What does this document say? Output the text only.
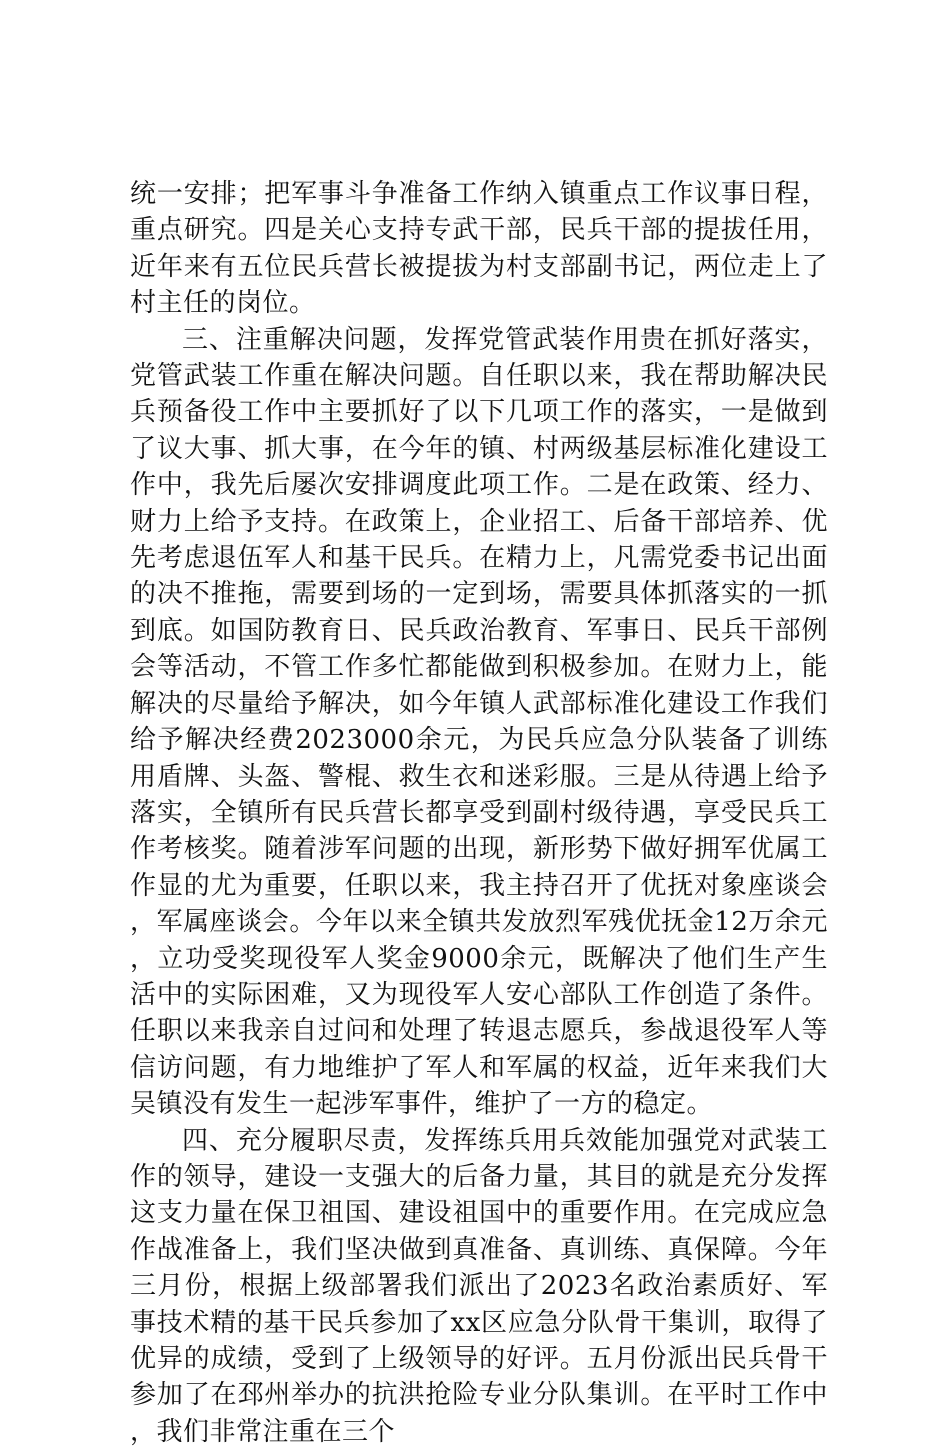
统一安排；把军事斗争准备工作纳入镇重点工作议事日程，重点研究。四是关心支持专武干部，民兵干部的提拔任用，近年来有五位民兵营长被提拔为村支部副书记，两位走上了村主任的岗位。

三、注重解决问题，发挥党管武装作用贵在抓好落实，党管武装工作重在解决问题。自任职以来，我在帮助解决民兵预备役工作中主要抓好了以下几项工作的落实，一是做到了议大事、抓大事，在今年的镇、村两级基层标准化建设工作中，我先后屡次安排调度此项工作。二是在政策、经力、财力上给予支持。在政策上，企业招工、后备干部培养、优先考虑退伍军人和基干民兵。在精力上，凡需党委书记出面的决不推拖，需要到场的一定到场，需要具体抓落实的一抓到底。如国防教育日、民兵政治教育、军事日、民兵干部例会等活动，不管工作多忙都能做到积极参加。在财力上，能解决的尽量给予解决，如今年镇人武部标准化建设工作我们给予解决经费2023000余元，为民兵应急分队装备了训练用盾牌、头盔、警棍、救生衣和迷彩服。三是从待遇上给予落实，全镇所有民兵营长都享受到副村级待遇，享受民兵工作考核奖。随着涉军问题的出现，新形势下做好拥军优属工作显的尤为重要，任职以来，我主持召开了优抚对象座谈会，军属座谈会。今年以来全镇共发放烈军残优抚金12万余元，立功受奖现役军人奖金9000余元，既解决了他们生产生活中的实际困难，又为现役军人安心部队工作创造了条件。任职以来我亲自过问和处理了转退志愿兵，参战退役军人等信访问题，有力地维护了军人和军属的权益，近年来我们大吴镇没有发生一起涉军事件，维护了一方的稳定。

四、充分履职尽责，发挥练兵用兵效能加强党对武装工作的领导，建设一支强大的后备力量，其目的就是充分发挥这支力量在保卫祖国、建设祖国中的重要作用。在完成应急作战准备上，我们坚决做到真准备、真训练、真保障。今年三月份，根据上级部署我们派出了2023名政治素质好、军事技术精的基干民兵参加了xx区应急分队骨干集训，取得了优异的成绩，受到了上级领导的好评。五月份派出民兵骨干参加了在邳州举办的抗洪抢险专业分队集训。在平时工作中，我们非常注重在三个
